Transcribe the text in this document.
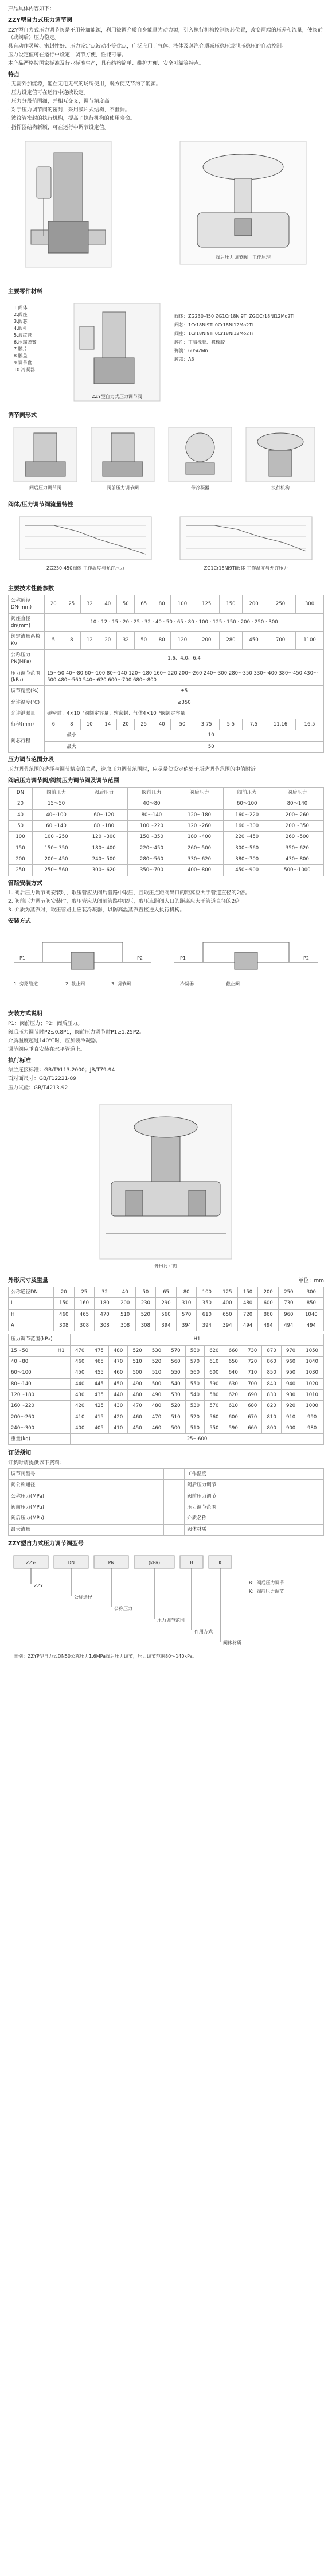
产品具体内容如下：
ZZY型自力式压力调节阀
ZZY型自力式压力调节阀是不用外加能源，利用被调介质自身能量为动力源，引入执行机构控制阀芯位置，改变两端的压差和流量，使阀前（或阀后）压力稳定。
具有动作灵敏、密封性好、压力设定点波动小等优点，广泛应用于气体、液体及蒸汽介质减压稳压或泄压稳压的自动控制。
压力设定值可在运行中设定，调节方便，性能可靠。
本产品严格按国家标准及行业标准生产，具有结构简单、维护方便、安全可靠等特点。
特点
· 无需外加能源，能在无电无气的场所使用，既方便又节约了能源。
· 压力设定值可在运行中连续设定。
· 压力分段范围细，并相互交叉，调节精度高。
· 对于压力调节阀的密封，采用膜片式结构，不泄漏。
· 波纹管密封的执行机构，提高了执行机构的使用寿命。
· 指挥器结构新颖，可在运行中调节设定值。
阀后压力调节阀　工作原理
主要零件材料
1.阀体
2.阀座
3.阀芯
4.阀杆
5.波纹管
6.压缩弹簧
7.膜片
8.膜盖
9.调节盘
10.冷凝器
ZZY型自力式压力调节阀
阀体：ZG230-450 ZG1Cr18Ni9Ti ZGOCr18Ni12Mo2Ti
阀芯：1Cr18Ni9Ti 0Cr18Ni12Mo2Ti
阀座：1Cr18Ni9Ti 0Cr18Ni12Mo2Ti
膜片：丁腈橡胶、氟橡胶
弹簧：60Si2Mn
膜盖：A3
调节阀形式
阀后压力调节阀	阀前压力调节阀	带冷凝器	执行机构
阀体/压力调节阀流量特性
ZG230-450阀体 工作温度与允许压力	ZG1Cr18Ni9Ti阀体 工作温度与允许压力
主要技术性能参数
公称通径DN(mm)	20	25	32	40	50	65	80	100	125	150	200	250	300
阀座直径dn(mm)	10 · 12 · 15 · 20 · 25 · 32 · 40 · 50 · 65 · 80 · 100 · 125 · 150 · 200 · 250 · 300												
额定流量系数Kv	5	8	12	20	32	50	80	120	200	280	450	700	1100
公称压力PN(MPa)	1.6、4.0、6.4												
压力调节范围(kPa)	15～50 40～80 60～100 80～140 120～180 160～220 200～260 240～300 280～350 330～400 380～450 430～500 480～560 540～620 600～700 680～800												
调节精度(%)	±5												
允许温度(℃)	≤350												
允许泄漏量	硬密封：4×10⁻⁴阀额定容量；软密封：气体4×10⁻⁵阀额定容量												
行程(mm)	6	8	10	14	20	25	40	50	3.75	5.5	7.5	11.16	16.5
阀芯行程	最小			10									
	最大			50									
压力调节范围分段
压力调节范围的选择与调节精度的关系，选取压力调节范围时，应尽量使设定值处于所选调节范围的中值附近。
阀后压力调节阀/阀前压力调节阀及调节范围
DN	阀前压力	阀后压力	阀前压力	阀后压力	阀前压力	阀后压力
20	15～50		40～80		60～100	80～140
40	40～100	60～120	80～140	120～180	160～220	200～260
50	60～140	80～180	100～220	120～260	160～300	200～350
100	100～250	120～300	150～350	180～400	220～450	260～500
150	150～350	180～400	220～450	260～500	300～560	350～620
200	200～450	240～500	280～560	330～620	380～700	430～800
250	250～560	300～620	350～700	400～800	450～900	500～1000
管路安装方式
1. 阀后压力调节阀安装时，取压管应从阀后管路中取压，且取压点距阀出口的距离应大于管道直径的2倍。
2. 阀前压力调节阀安装时，取压管应从阀前管路中取压，取压点距阀入口的距离应大于管道直径的2倍。
3. 介质为蒸汽时，取压管路上应装冷凝器，以防高温蒸汽直接进入执行机构。
安装方式
P1	P2
1. 旁路管道	2. 截止阀	3. 调节阀
P1	P2
冷凝器	截止阀
安装方式说明
P1：阀前压力；P2：阀后压力。
阀后压力调节时P2≤0.8P1，阀前压力调节时P1≥1.25P2。
介质温度超过140℃时，应加装冷凝器。
调节阀应垂直安装在水平管道上。
执行标准
法兰连接标准：GB/T9113-2000；JB/T79-94
面对面尺寸：GB/T12221-89
压力试验：GB/T4213-92
外形尺寸图
外形尺寸及重量	单位：mm
公称通径DN	20	25	32	40	50	65	80	100	125	150	200	250	300
L	150	160	180	200	230	290	310	350	400	480	600	730	850
H	460	465	470	510	520	560	570	610	650	720	860	960	1040
A	308	308	308	308	308	394	394	394	394	494	494	494	494
压力调节范围(kPa)		H1												
15～50	H1	470	475	480	520	530	570	580	620	660	730	870	970	1050
40～80		460	465	470	510	520	560	570	610	650	720	860	960	1040
60～100		450	455	460	500	510	550	560	600	640	710	850	950	1030
80～140		440	445	450	490	500	540	550	590	630	700	840	940	1020
120～180		430	435	440	480	490	530	540	580	620	690	830	930	1010
160～220		420	425	430	470	480	520	530	570	610	680	820	920	1000
200～260		410	415	420	460	470	510	520	560	600	670	810	910	990
240～300		400	405	410	450	460	500	510	550	590	660	800	900	980
重量(kg)		25～600												
订货须知
订货时请提供以下资料：
调节阀型号		工作温度
阀公称通径		阀后压力调节
公称压力(MPa)		阀前压力调节
阀前压力(MPa)		压力调节范围
阀后压力(MPa)		介质名称
最大流量		阀体材质
ZZY型自力式压力调节阀型号
ZZY-	DN	PN	(kPa)	B	K
ZZY
公称通径
公称压力
压力调节范围
作用方式
阀体材质
B：阀后压力调节
K：阀前压力调节
示例：ZZYP型自力式DN50公称压力1.6MPa阀后压力调节，压力调节范围80～140kPa。
